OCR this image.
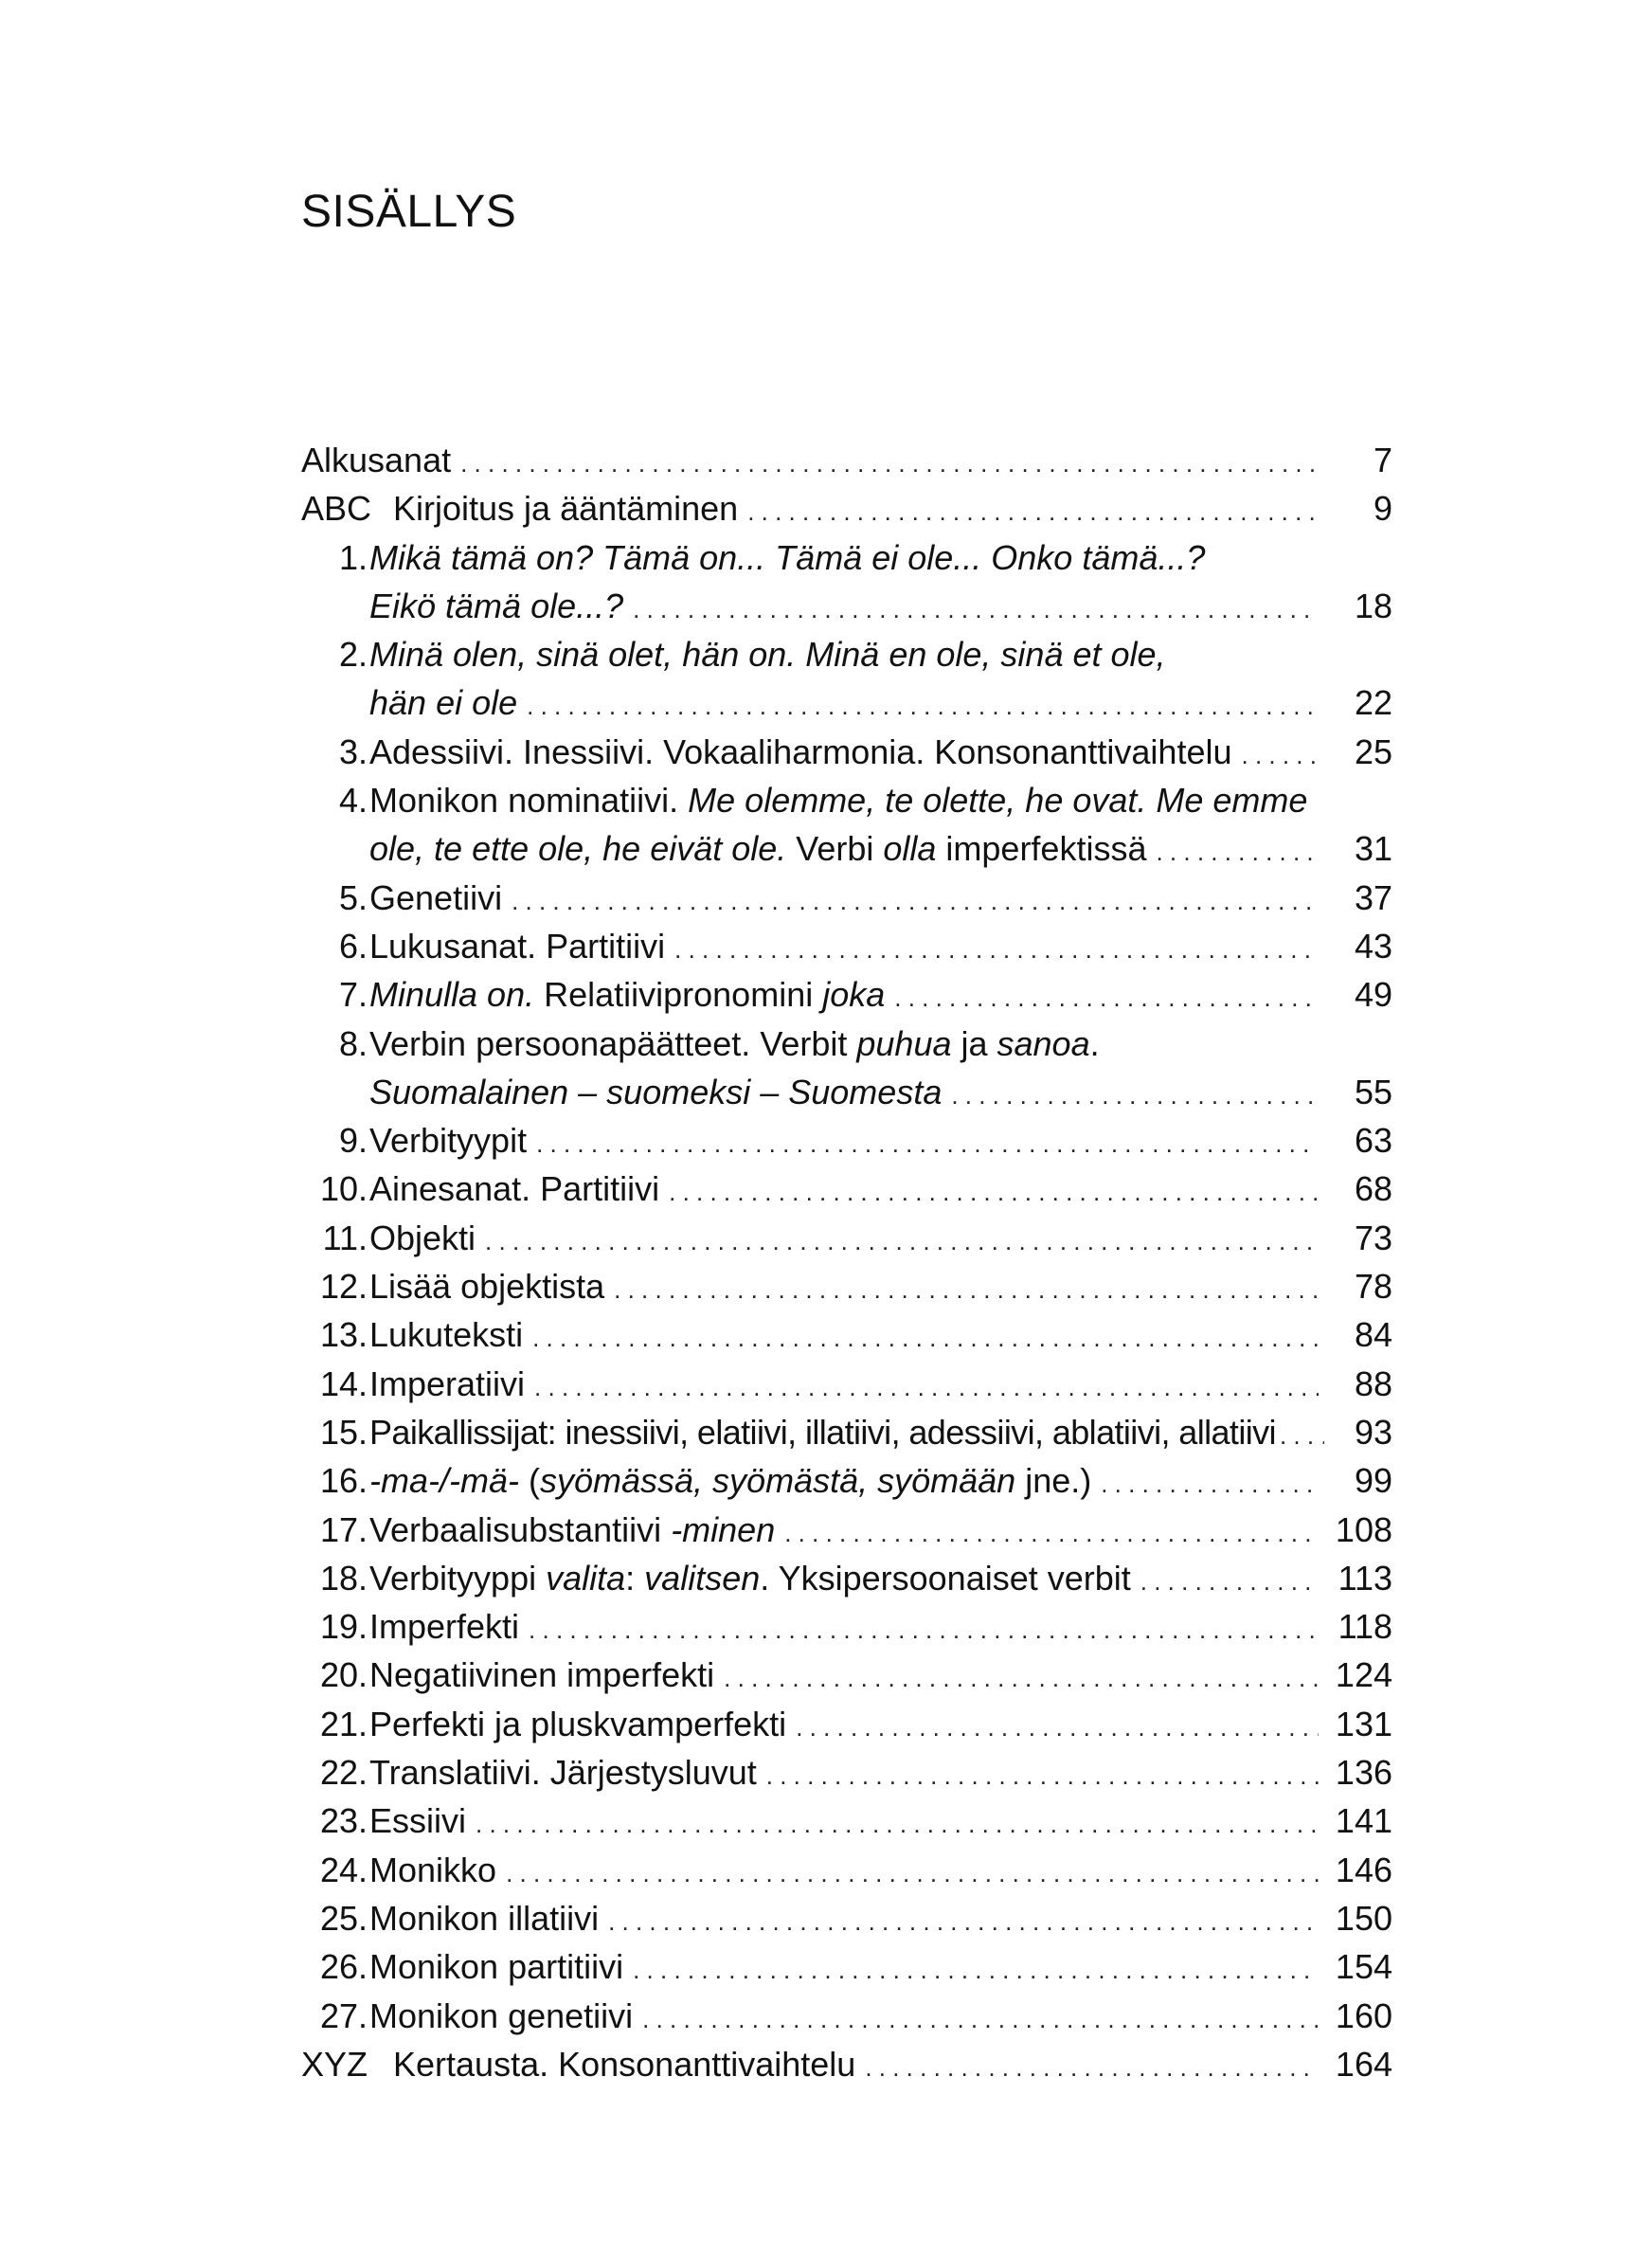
SISÄLLYS
Alkusanat . . .	7
ABC Kirjoitus ja ääntäminen . . .	9
1. Mikä tämä on? Tämä on... Tämä ei ole... Onko tämä...?
Eikö tämä ole...? . . .	18
2. Minä olen, sinä olet, hän on. Minä en ole, sinä et ole,
hän ei ole . . .	22
3. Adessiivi. Inessiivi. Vokaaliharmonia. Konsonanttivaihtelu . . .	25
4. Monikon nominatiivi. Me olemme, te olette, he ovat. Me emme
ole, te ette ole, he eivät ole. Verbi olla imperfektissä . . .	31
5. Genetiivi . . .	37
6. Lukusanat. Partitiivi . . .	43
7. Minulla on. Relatiivipronomini joka . . .	49
8. Verbin persoonapäätteet. Verbit puhua ja sanoa.
Suomalainen – suomeksi – Suomesta . . .	55
9. Verbityypit . . .	63
10. Ainesanat. Partitiivi . . .	68
11. Objekti . . .	73
12. Lisää objektista . . .	78
13. Lukuteksti . . .	84
14. Imperatiivi . . .	88
15. Paikallissijat: inessiivi, elatiivi, illatiivi, adessiivi, ablatiivi, allatiivi . . .	93
16. -ma-/-mä- (syömässä, syömästä, syömään jne.) . . .	99
17. Verbaalisubstantiivi -minen . . .	108
18. Verbityyppi valita: valitsen. Yksipersoonaiset verbit . . .	113
19. Imperfekti . . .	118
20. Negatiivinen imperfekti . . .	124
21. Perfekti ja pluskvamperfekti . . .	131
22. Translatiivi. Järjestysluvut . . .	136
23. Essiivi . . .	141
24. Monikko . . .	146
25. Monikon illatiivi . . .	150
26. Monikon partitiivi . . .	154
27. Monikon genetiivi . . .	160
XYZ Kertausta. Konsonanttivaihtelu . . .	164
